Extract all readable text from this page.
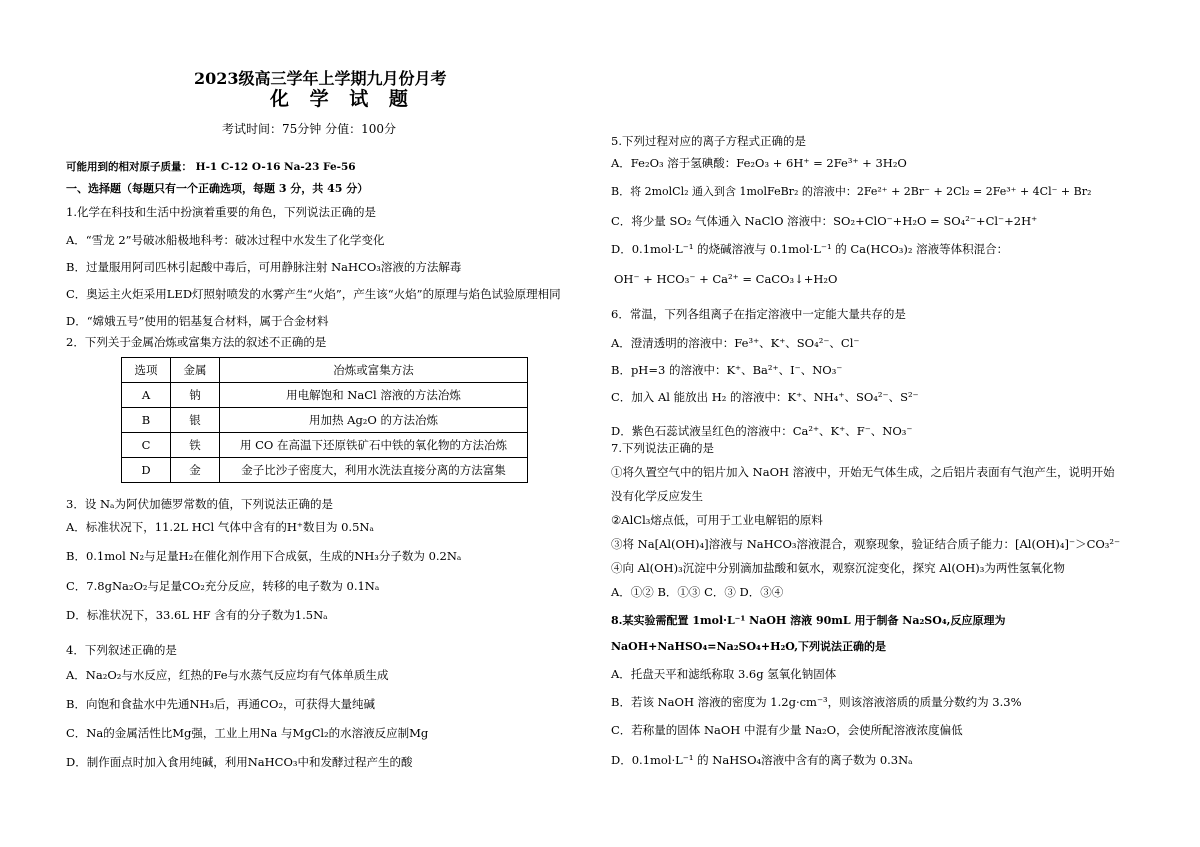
2023级高三学年上学期九月份月考
化 学 试 题
考试时间：75分钟 分值：100分
可能用到的相对原子质量： H-1 C-12 O-16 Na-23 Fe-56
一、选择题（每题只有一个正确选项，每题 3 分，共 45 分）
1.化学在科技和生活中扮演着重要的角色，下列说法正确的是
A．“雪龙 2”号破冰船极地科考：破冰过程中水发生了化学变化
B．过量服用阿司匹林引起酸中毒后，可用静脉注射 NaHCO₃溶液的方法解毒
C．奥运主火炬采用LED灯照射喷发的水雾产生“火焰”，产生该“火焰”的原理与焰色试验原理相同
D．“嫦娥五号”使用的铝基复合材料，属于合金材料
2．下列关于金属冶炼或富集方法的叙述不正确的是
选项	金属	冶炼或富集方法
A	钠	用电解饱和 NaCl 溶液的方法冶炼
B	银	用加热 Ag₂O 的方法冶炼
C	铁	用 CO 在高温下还原铁矿石中铁的氧化物的方法冶炼
D	金	金子比沙子密度大，利用水洗法直接分离的方法富集
3．设 Nₐ为阿伏加德罗常数的值，下列说法正确的是
A．标准状况下，11.2L HCl 气体中含有的H⁺数目为 0.5Nₐ
B．0.1mol N₂与足量H₂在催化剂作用下合成氨，生成的NH₃分子数为 0.2Nₐ
C．7.8gNa₂O₂与足量CO₂充分反应，转移的电子数为 0.1Nₐ
D．标准状况下，33.6L HF 含有的分子数为1.5Nₐ
4．下列叙述正确的是
A．Na₂O₂与水反应，红热的Fe与水蒸气反应均有气体单质生成
B．向饱和食盐水中先通NH₃后，再通CO₂，可获得大量纯碱
C．Na的金属活性比Mg强，工业上用Na 与MgCl₂的水溶液反应制Mg
D．制作面点时加入食用纯碱，利用NaHCO₃中和发酵过程产生的酸
5.下列过程对应的离子方程式正确的是
A．Fe₂O₃ 溶于氢碘酸：Fe₂O₃ + 6H⁺ = 2Fe³⁺ + 3H₂O
B．将 2molCl₂ 通入到含 1molFeBr₂ 的溶液中：2Fe²⁺ + 2Br⁻ + 2Cl₂ = 2Fe³⁺ + 4Cl⁻ + Br₂
C．将少量 SO₂ 气体通入 NaClO 溶液中：SO₂+ClO⁻+H₂O = SO₄²⁻+Cl⁻+2H⁺
D．0.1mol·L⁻¹ 的烧碱溶液与 0.1mol·L⁻¹ 的 Ca(HCO₃)₂ 溶液等体积混合：
OH⁻ + HCO₃⁻ + Ca²⁺ = CaCO₃↓+H₂O
6．常温，下列各组离子在指定溶液中一定能大量共存的是
A．澄清透明的溶液中：Fe³⁺、K⁺、SO₄²⁻、Cl⁻
B．pH=3 的溶液中：K⁺、Ba²⁺、I⁻、NO₃⁻
C．加入 Al 能放出 H₂ 的溶液中：K⁺、NH₄⁺、SO₄²⁻、S²⁻
D．紫色石蕊试液呈红色的溶液中：Ca²⁺、K⁺、F⁻、NO₃⁻
7.下列说法正确的是
①将久置空气中的铝片加入 NaOH 溶液中，开始无气体生成，之后铝片表面有气泡产生，说明开始
没有化学反应发生
②AlCl₃熔点低，可用于工业电解铝的原料
③将 Na[Al(OH)₄]溶液与 NaHCO₃溶液混合，观察现象，验证结合质子能力：[Al(OH)₄]⁻＞CO₃²⁻
④向 Al(OH)₃沉淀中分别滴加盐酸和氨水，观察沉淀变化，探究 Al(OH)₃为两性氢氧化物
A．①② B．①③ C．③ D．③④
8.某实验需配置 1mol·L⁻¹ NaOH 溶液 90mL 用于制备 Na₂SO₄,反应原理为
NaOH+NaHSO₄=Na₂SO₄+H₂O,下列说法正确的是
A．托盘天平和滤纸称取 3.6g 氢氧化钠固体
B．若该 NaOH 溶液的密度为 1.2g·cm⁻³，则该溶液溶质的质量分数约为 3.3%
C．若称量的固体 NaOH 中混有少量 Na₂O，会使所配溶液浓度偏低
D．0.1mol·L⁻¹ 的 NaHSO₄溶液中含有的离子数为 0.3Nₐ
